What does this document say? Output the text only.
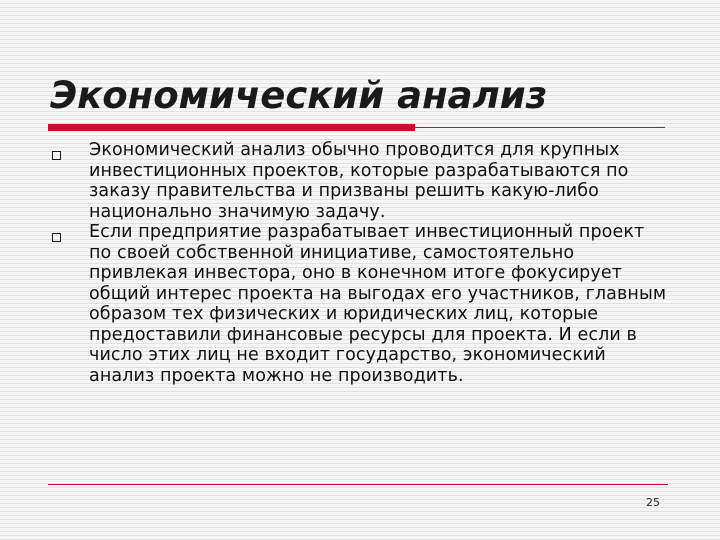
Экономический анализ
Экономический анализ обычно проводится для крупных инвестиционных проектов, которые разрабатываются по заказу правительства и призваны решить какую-либо национально значимую задачу.
Если предприятие разрабатывает инвестиционный проект по своей собственной инициативе, самостоятельно привлекая инвестора, оно в конечном итоге фокусирует общий интерес проекта на выгодах его участников, главным образом тех физических и юридических лиц, которые предоставили финансовые ресурсы для проекта. И если в число этих лиц не входит государство, экономический анализ проекта можно не производить.
25
